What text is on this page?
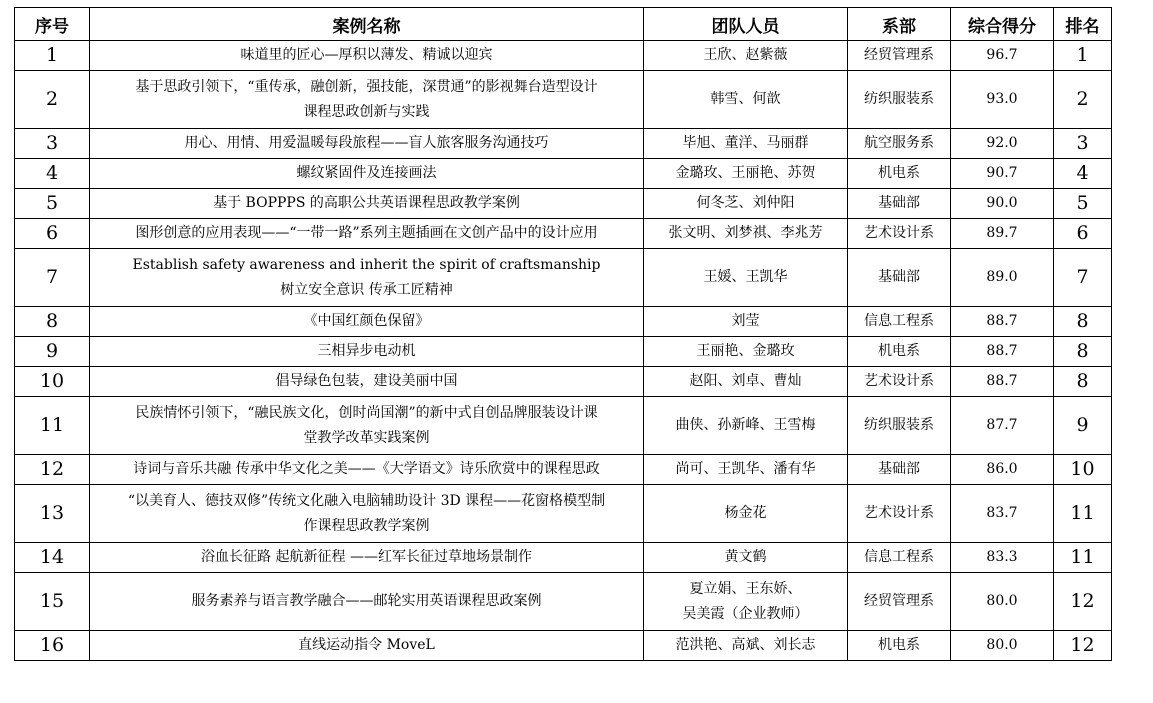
序号	案例名称	团队人员	系部	综合得分	排名
1	味道里的匠心—厚积以薄发、精诚以迎宾	王欣、赵紫薇	经贸管理系	96.7	1
2	基于思政引领下，“重传承，融创新，强技能，深贯通”的影视舞台造型设计
课程思政创新与实践	韩雪、何歆	纺织服装系	93.0	2
3	用心、用情、用爱温暖每段旅程——盲人旅客服务沟通技巧	毕旭、董洋、马丽群	航空服务系	92.0	3
4	螺纹紧固件及连接画法	金璐玫、王丽艳、苏贺	机电系	90.7	4
5	基于 BOPPPS 的高职公共英语课程思政教学案例	何冬芝、刘仲阳	基础部	90.0	5
6	图形创意的应用表现——“一带一路”系列主题插画在文创产品中的设计应用	张文明、刘梦祺、李兆芳	艺术设计系	89.7	6
7	Establish safety awareness and inherit the spirit of craftsmanship
树立安全意识 传承工匠精神	王媛、王凯华	基础部	89.0	7
8	《中国红颜色保留》	刘莹	信息工程系	88.7	8
9	三相异步电动机	王丽艳、金璐玫	机电系	88.7	8
10	倡导绿色包装，建设美丽中国	赵阳、刘卓、曹灿	艺术设计系	88.7	8
11	民族情怀引领下，“融民族文化，创时尚国潮”的新中式自创品牌服装设计课
堂教学改革实践案例	曲侠、孙新峰、王雪梅	纺织服装系	87.7	9
12	诗词与音乐共融 传承中华文化之美——《大学语文》诗乐欣赏中的课程思政	尚可、王凯华、潘有华	基础部	86.0	10
13	“以美育人、德技双修”传统文化融入电脑辅助设计 3D 课程——花窗格模型制
作课程思政教学案例	杨金花	艺术设计系	83.7	11
14	浴血长征路 起航新征程 ——红军长征过草地场景制作	黄文鹤	信息工程系	83.3	11
15	服务素养与语言教学融合——邮轮实用英语课程思政案例	夏立娟、王东娇、
吴美霞（企业教师）	经贸管理系	80.0	12
16	直线运动指令 MoveL	范洪艳、高斌、刘长志	机电系	80.0	12
